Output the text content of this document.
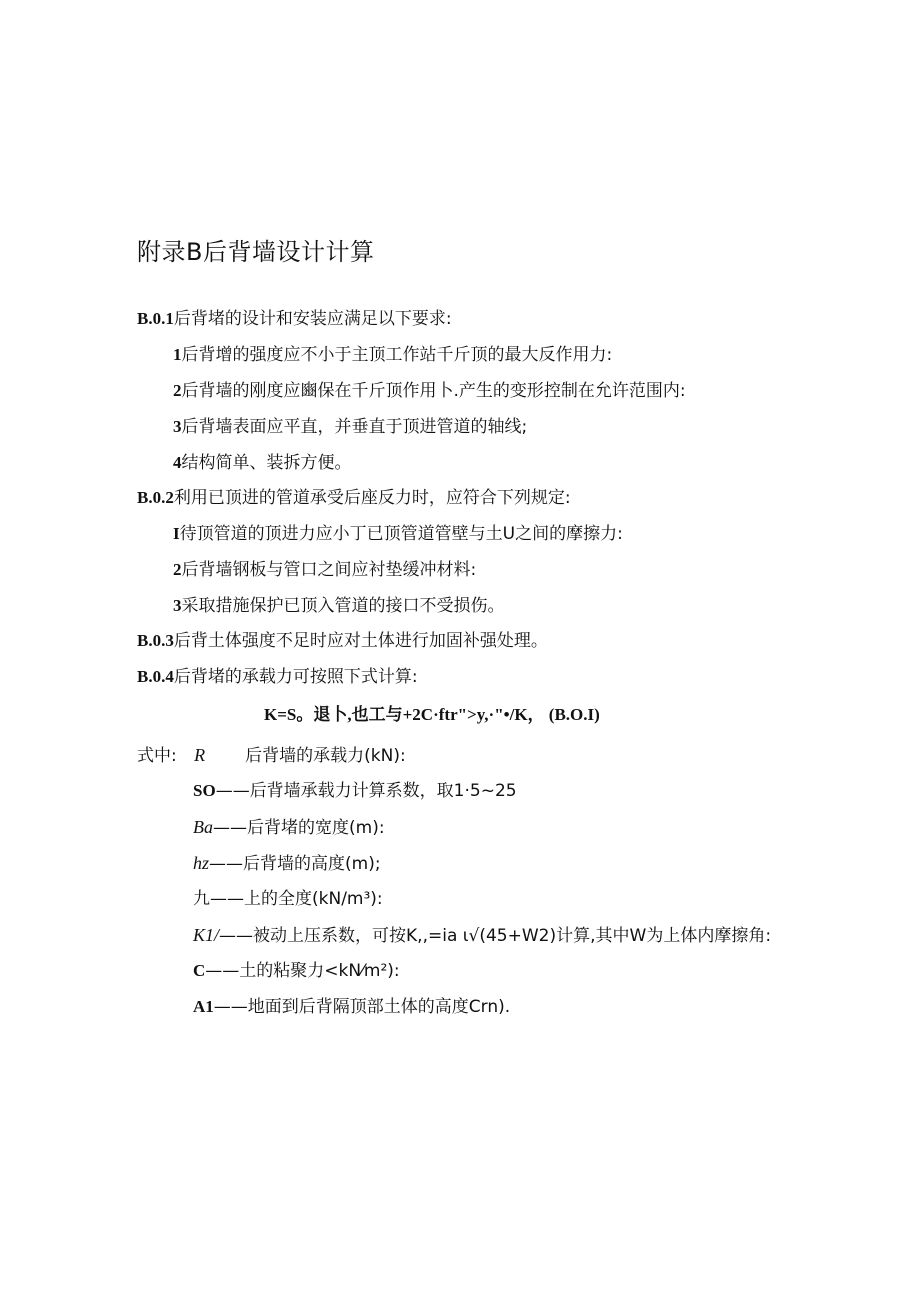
附录B后背墙设计计算
B.0.1后背堵的设计和安装应满足以下要求:
1后背增的强度应不小于主顶工作站千斤顶的最大反作用力:
2后背墙的刚度应豳保在千斤顶作用卜.产生的变形控制在允许范围内:
3后背墙表面应平直，并垂直于顶进管道的轴线;
4结构简单、装拆方便。
B.0.2利用已顶进的管道承受后座反力时，应符合下列规定:
I待顶管道的顶进力应小丁已顶管道管壁与土U之间的摩擦力:
2后背墙钢板与管口之间应衬垫缓冲材料:
3采取措施保护已顶入管道的接口不受损伤。
B.0.3后背土体强度不足时应对土体进行加固补强处理。
B.0.4后背堵的承载力可按照下式计算:
K=S。退卜,也工与+2C·ftr">y,·"•/K， (B.O.I)
式中: R 后背墙的承载力(kN):
SO——后背墙承载力计算系数，取1·5~25
Ba——后背堵的宽度(m):
hz——后背墙的高度(m);
九——上的全度(kN/m³):
K1/——被动上压系数，可按K,,=ia ι√(45+W2)计算,其中W为上体内摩擦角:
C——土的粘聚力<kN⁄m²):
A1——地面到后背隔顶部土体的高度Crn).
